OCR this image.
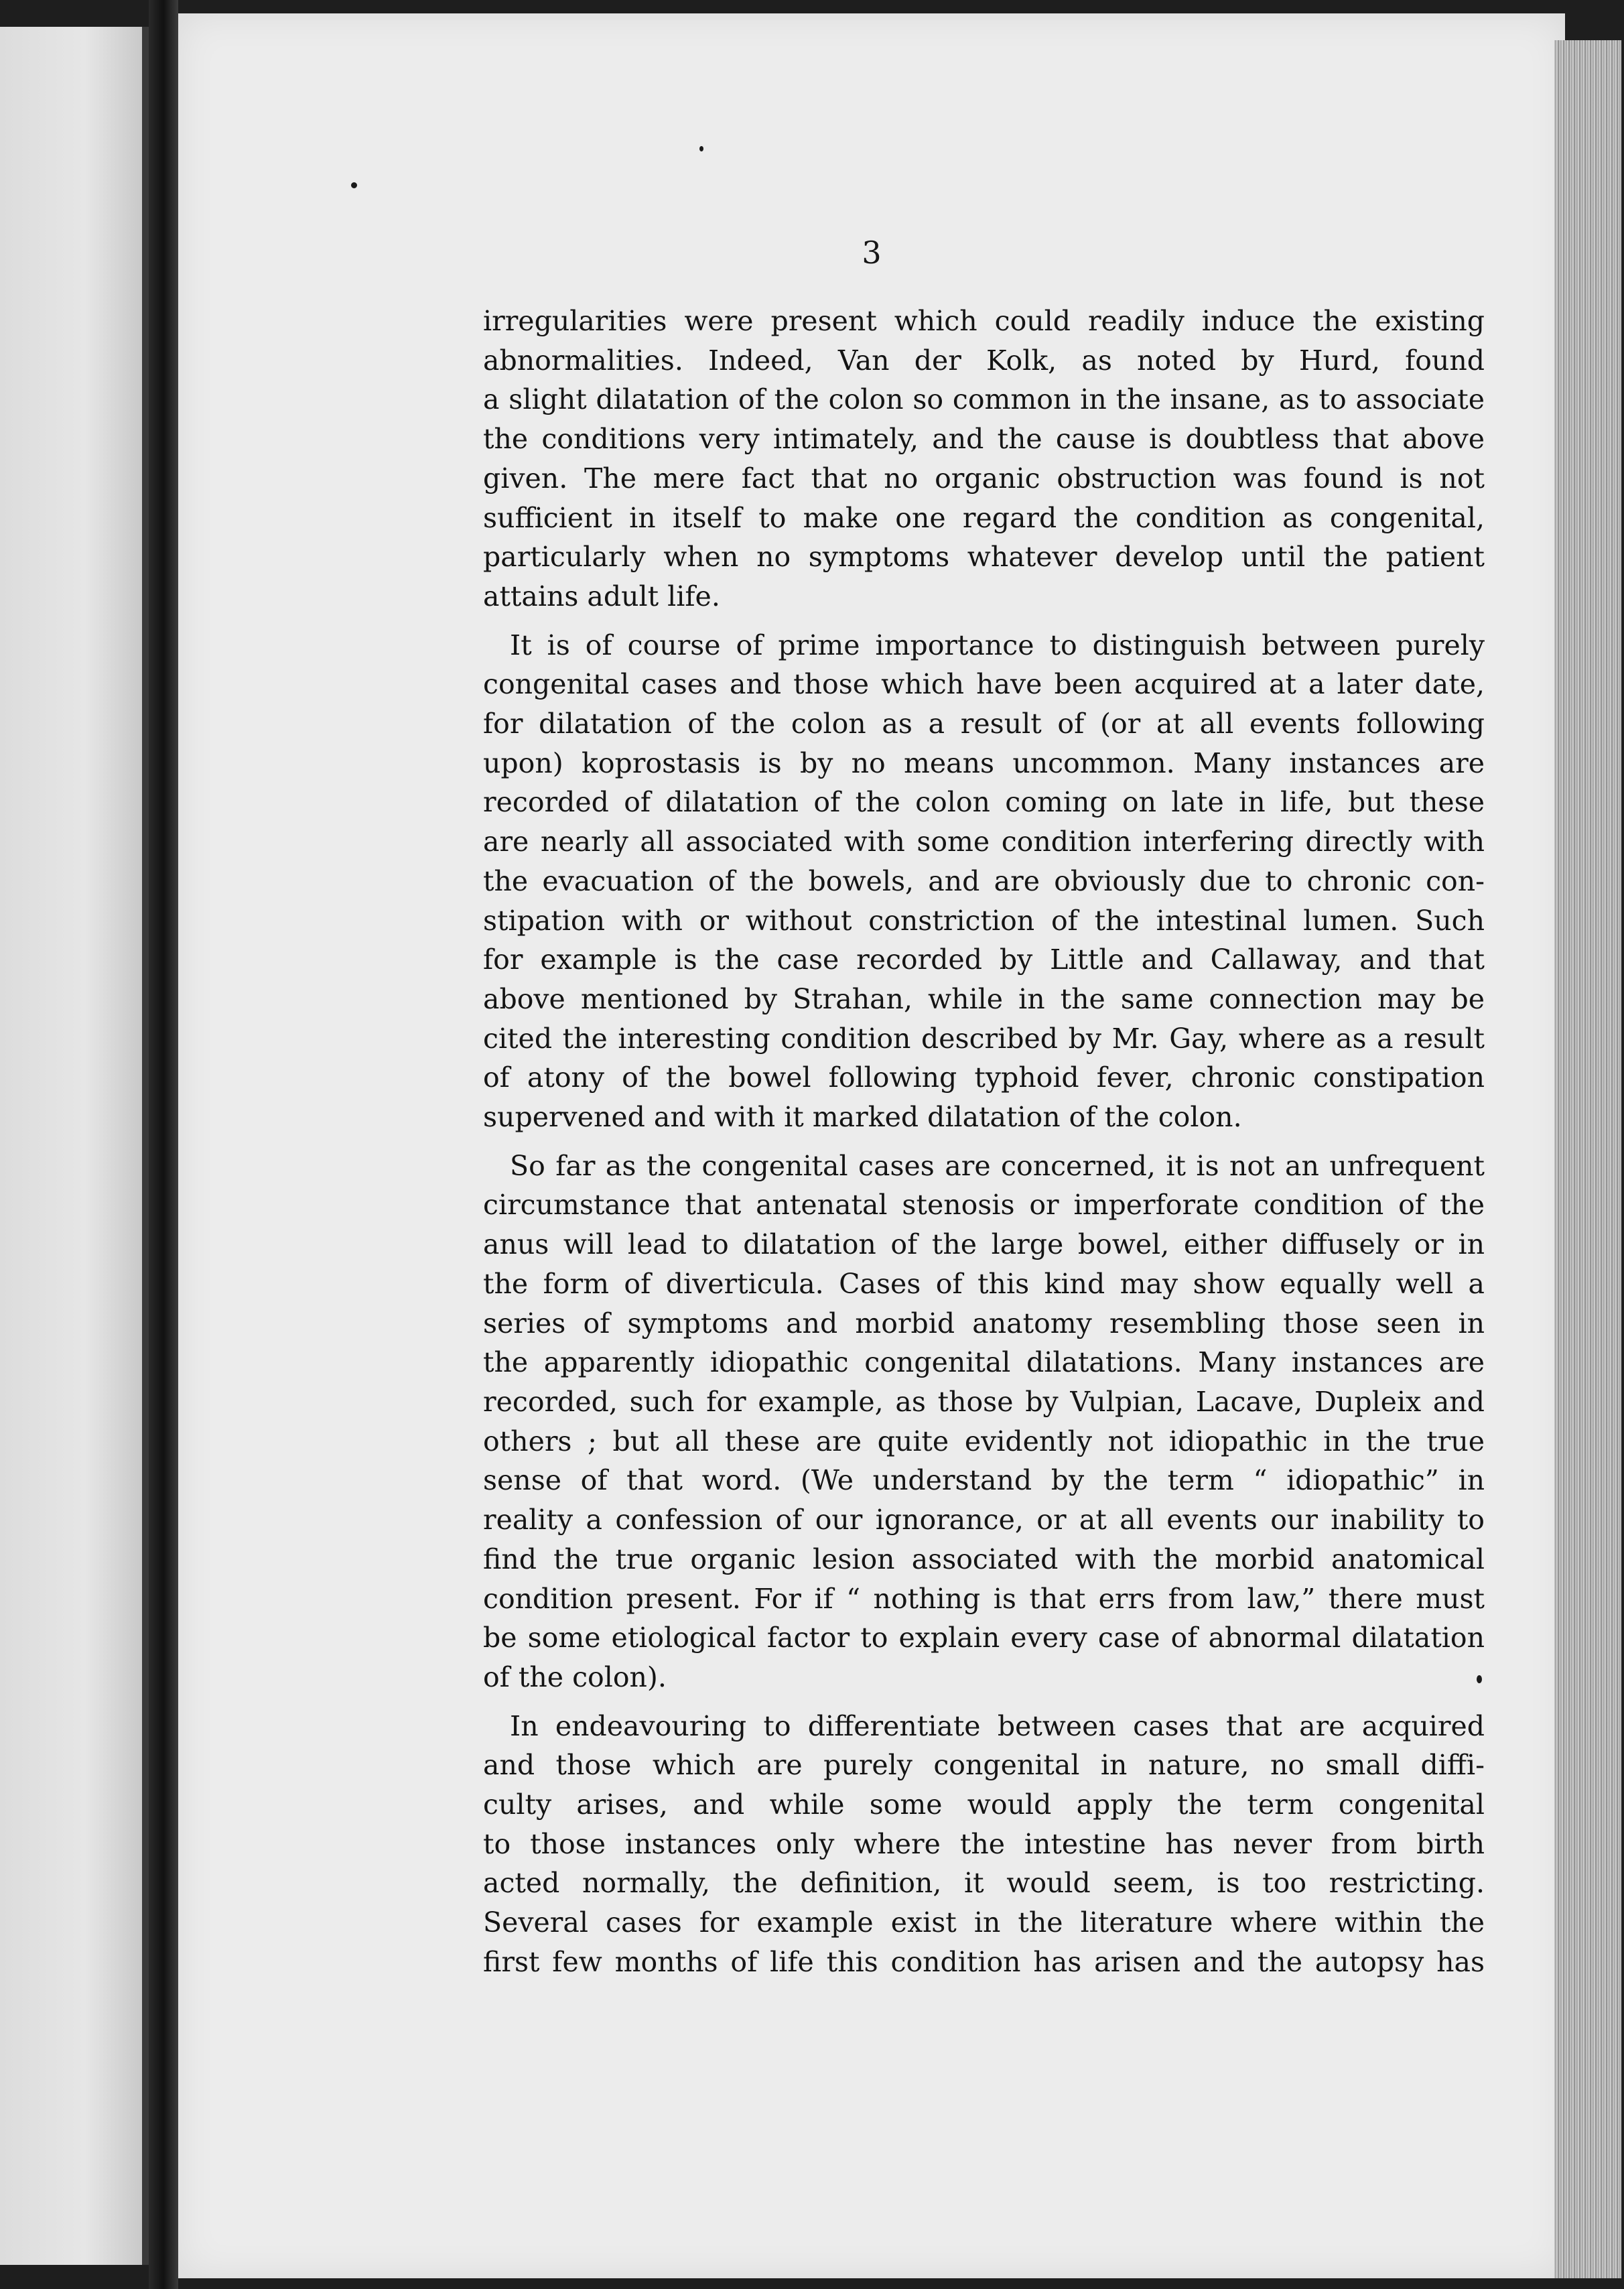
3

irregularities were present which could readily induce the existing
abnormalities. Indeed, Van der Kolk, as noted by Hurd, found
a slight dilatation of the colon so common in the insane, as to associate
the conditions very intimately, and the cause is doubtless that above
given. The mere fact that no organic obstruction was found is not
sufficient in itself to make one regard the condition as congenital,
particularly when no symptoms whatever develop until the patient
attains adult life.

It is of course of prime importance to distinguish between purely
congenital cases and those which have been acquired at a later date,
for dilatation of the colon as a result of (or at all events following
upon) koprostasis is by no means uncommon. Many instances are
recorded of dilatation of the colon coming on late in life, but these
are nearly all associated with some condition interfering directly with
the evacuation of the bowels, and are obviously due to chronic con-
stipation with or without constriction of the intestinal lumen. Such
for example is the case recorded by Little and Callaway, and that
above mentioned by Strahan, while in the same connection may be
cited the interesting condition described by Mr. Gay, where as a result
of atony of the bowel following typhoid fever, chronic constipation
supervened and with it marked dilatation of the colon.

So far as the congenital cases are concerned, it is not an unfrequent
circumstance that antenatal stenosis or imperforate condition of the
anus will lead to dilatation of the large bowel, either diffusely or in
the form of diverticula. Cases of this kind may show equally well a
series of symptoms and morbid anatomy resembling those seen in
the apparently idiopathic congenital dilatations. Many instances are
recorded, such for example, as those by Vulpian, Lacave, Dupleix and
others ; but all these are quite evidently not idiopathic in the true
sense of that word. (We understand by the term “ idiopathic” in
reality a confession of our ignorance, or at all events our inability to
find the true organic lesion associated with the morbid anatomical
condition present. For if “ nothing is that errs from law,” there must
be some etiological factor to explain every case of abnormal dilatation
of the colon).

In endeavouring to differentiate between cases that are acquired
and those which are purely congenital in nature, no small diffi-
culty arises, and while some would apply the term congenital
to those instances only where the intestine has never from birth
acted normally, the definition, it would seem, is too restricting.
Several cases for example exist in the literature where within the
first few months of life this condition has arisen and the autopsy has
